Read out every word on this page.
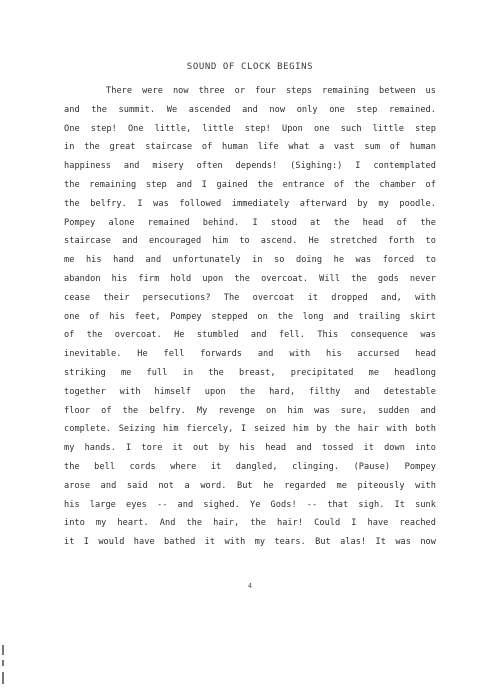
SOUND OF CLOCK BEGINS
There were now three or four steps remaining between us
and the summit. We ascended and now only one step remained.
One step! One little, little step! Upon one such little step
in the great staircase of human life what a vast sum of human
happiness and misery often depends! (Sighing:) I contemplated
the remaining step and I gained the entrance of the chamber of
the belfry. I was followed immediately afterward by my poodle.
Pompey alone remained behind. I stood at the head of the
staircase and encouraged him to ascend. He stretched forth to
me his hand and unfortunately in so doing he was forced to
abandon his firm hold upon the overcoat. Will the gods never
cease their persecutions? The overcoat it dropped and, with
one of his feet, Pompey stepped on the long and trailing skirt
of the overcoat. He stumbled and fell. This consequence was
inevitable. He fell forwards and with his accursed head
striking me full in the breast, precipitated me headlong
together with himself upon the hard, filthy and detestable
floor of the belfry. My revenge on him was sure, sudden and
complete. Seizing him fiercely, I seized him by the hair with both
my hands. I tore it out by his head and tossed it down into
the bell cords where it dangled, clinging. (Pause) Pompey
arose and said not a word. But he regarded me piteously with
his large eyes -- and sighed. Ye Gods! -- that sigh. It sunk
into my heart. And the hair, the hair! Could I have reached
it I would have bathed it with my tears. But alas! It was now
4
